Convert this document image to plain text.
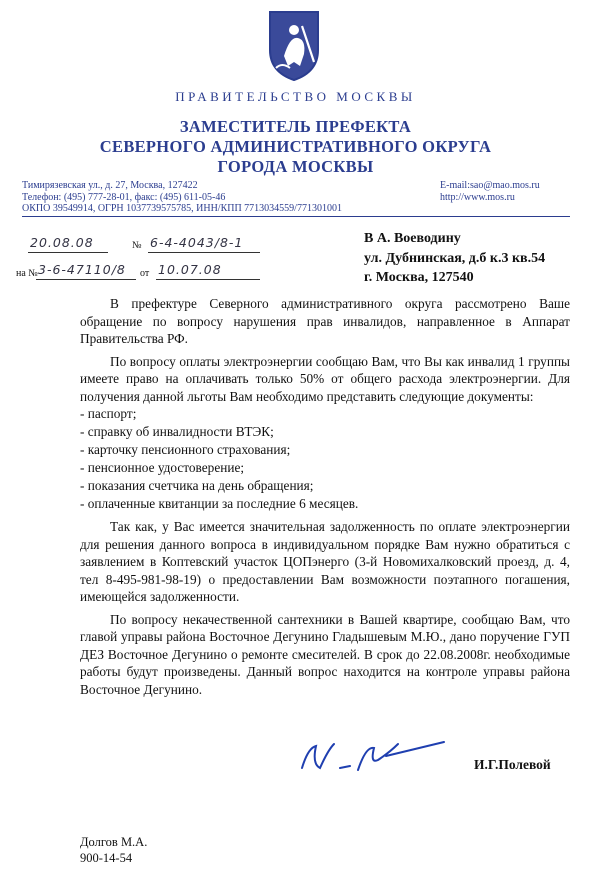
ПРАВИТЕЛЬСТВО МОСКВЫ
ЗАМЕСТИТЕЛЬ ПРЕФЕКТА
СЕВЕРНОГО АДМИНИСТРАТИВНОГО ОКРУГА
ГОРОДА МОСКВЫ
Тимирязевская ул., д. 27, Москва, 127422
Телефон: (495) 777-28-01, факс: (495) 611-05-46
ОКПО 39549914, ОГРН 1037739575785, ИНН/КПП 7713034559/771301001
E-mail:sao@mao.mos.ru
http://www.mos.ru
20.08.08	№ 6-4-4043/8-1
на № 3-6-47110/8 от 10.07.08
В А. Воеводину
ул. Дубнинская, д.б к.3 кв.54
г. Москва, 127540

В префектуре Северного административного округа рассмотрено Ваше обращение по вопросу нарушения прав инвалидов, направленное в Аппарат Правительства РФ.

По вопросу оплаты электроэнергии сообщаю Вам, что Вы как инвалид 1 группы имеете право на оплачивать только 50% от общего расхода электроэнергии. Для получения данной льготы Вам необходимо представить следующие документы:

- паспорт;
- справку об инвалидности ВТЭК;
- карточку пенсионного страхования;
- пенсионное удостоверение;
- показания счетчика на день обращения;
- оплаченные квитанции за последние 6 месяцев.

Так как, у Вас имеется значительная задолженность по оплате электроэнергии для решения данного вопроса в индивидуальном порядке Вам нужно обратиться с заявлением в Коптевский участок ЦОПэнерго (3-й Новомихалковский проезд, д. 4, тел 8-495-981-98-19) о предоставлении Вам возможности поэтапного погашения, имеющейся задолженности.

По вопросу некачественной сантехники в Вашей квартире, сообщаю Вам, что главой управы района Восточное Дегунино Гладышевым М.Ю., дано поручение ГУП ДЕЗ Восточное Дегунино о ремонте смесителей. В срок до 22.08.2008г. необходимые работы будут произведены. Данный вопрос находится на контроле управы района Восточное Дегунино.

И.Г.Полевой
Долгов М.А.
900-14-54
